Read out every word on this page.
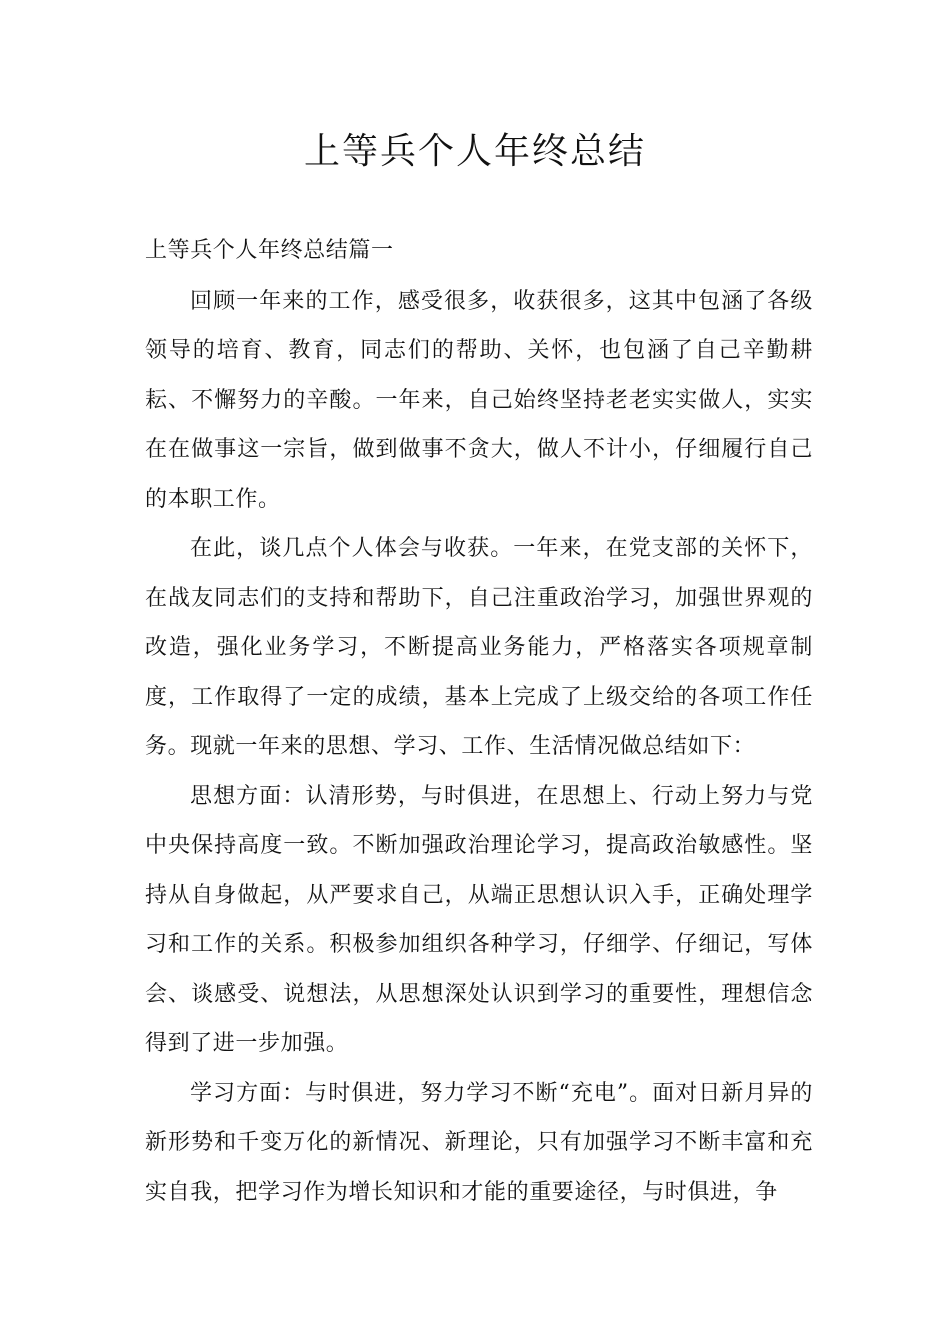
上等兵个人年终总结

上等兵个人年终总结篇一

回顾一年来的工作，感受很多，收获很多，这其中包涵了各级领导的培育、教育，同志们的帮助、关怀，也包涵了自己辛勤耕耘、不懈努力的辛酸。一年来，自己始终坚持老老实实做人，实实在在做事这一宗旨，做到做事不贪大，做人不计小，仔细履行自己的本职工作。

在此，谈几点个人体会与收获。一年来，在党支部的关怀下，在战友同志们的支持和帮助下，自己注重政治学习，加强世界观的改造，强化业务学习，不断提高业务能力，严格落实各项规章制度，工作取得了一定的成绩，基本上完成了上级交给的各项工作任务。现就一年来的思想、学习、工作、生活情况做总结如下：

思想方面：认清形势，与时俱进，在思想上、行动上努力与党中央保持高度一致。不断加强政治理论学习，提高政治敏感性。坚持从自身做起，从严要求自己，从端正思想认识入手，正确处理学习和工作的关系。积极参加组织各种学习，仔细学、仔细记，写体会、谈感受、说想法，从思想深处认识到学习的重要性，理想信念得到了进一步加强。

学习方面：与时俱进，努力学习不断“充电”。面对日新月异的新形势和千变万化的新情况、新理论，只有加强学习不断丰富和充实自我，把学习作为增长知识和才能的重要途径，与时俱进，争
